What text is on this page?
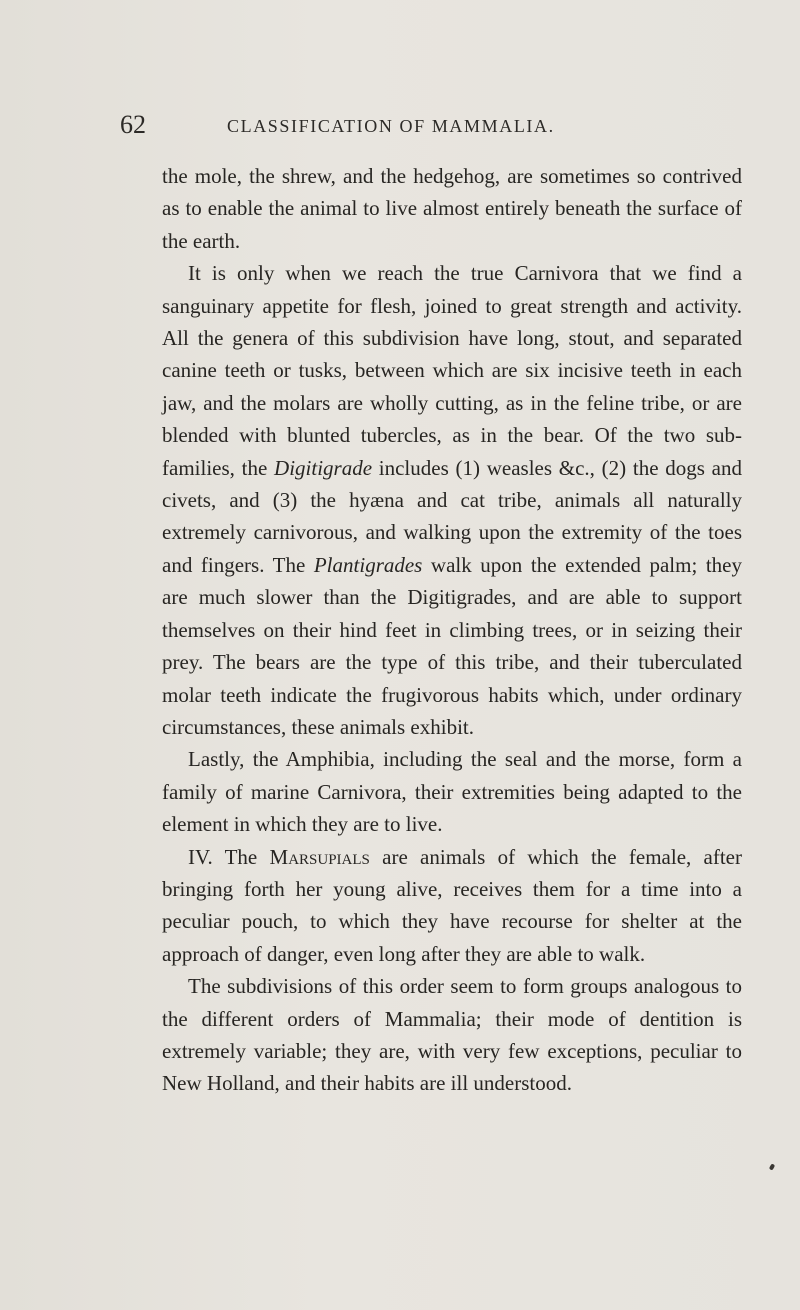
62	CLASSIFICATION OF MAMMALIA.

the mole, the shrew, and the hedgehog, are sometimes so contrived as to enable the animal to live almost entirely beneath the surface of the earth.

It is only when we reach the true Carnivora that we find a sanguinary appetite for flesh, joined to great strength and activity. All the genera of this subdivision have long, stout, and separated canine teeth or tusks, between which are six incisive teeth in each jaw, and the molars are wholly cutting, as in the feline tribe, or are blended with blunted tubercles, as in the bear. Of the two sub-families, the Digitigrade includes (1) weasles &c., (2) the dogs and civets, and (3) the hyæna and cat tribe, animals all naturally extremely carnivorous, and walking upon the extremity of the toes and fingers. The Plantigrades walk upon the extended palm; they are much slower than the Digitigrades, and are able to support themselves on their hind feet in climbing trees, or in seizing their prey. The bears are the type of this tribe, and their tuberculated molar teeth indicate the frugivorous habits which, under ordinary circumstances, these animals exhibit.

Lastly, the Amphibia, including the seal and the morse, form a family of marine Carnivora, their extremities being adapted to the element in which they are to live.

IV. The Marsupials are animals of which the female, after bringing forth her young alive, receives them for a time into a peculiar pouch, to which they have recourse for shelter at the approach of danger, even long after they are able to walk.

The subdivisions of this order seem to form groups analogous to the different orders of Mammalia; their mode of dentition is extremely variable; they are, with very few exceptions, peculiar to New Holland, and their habits are ill understood.
